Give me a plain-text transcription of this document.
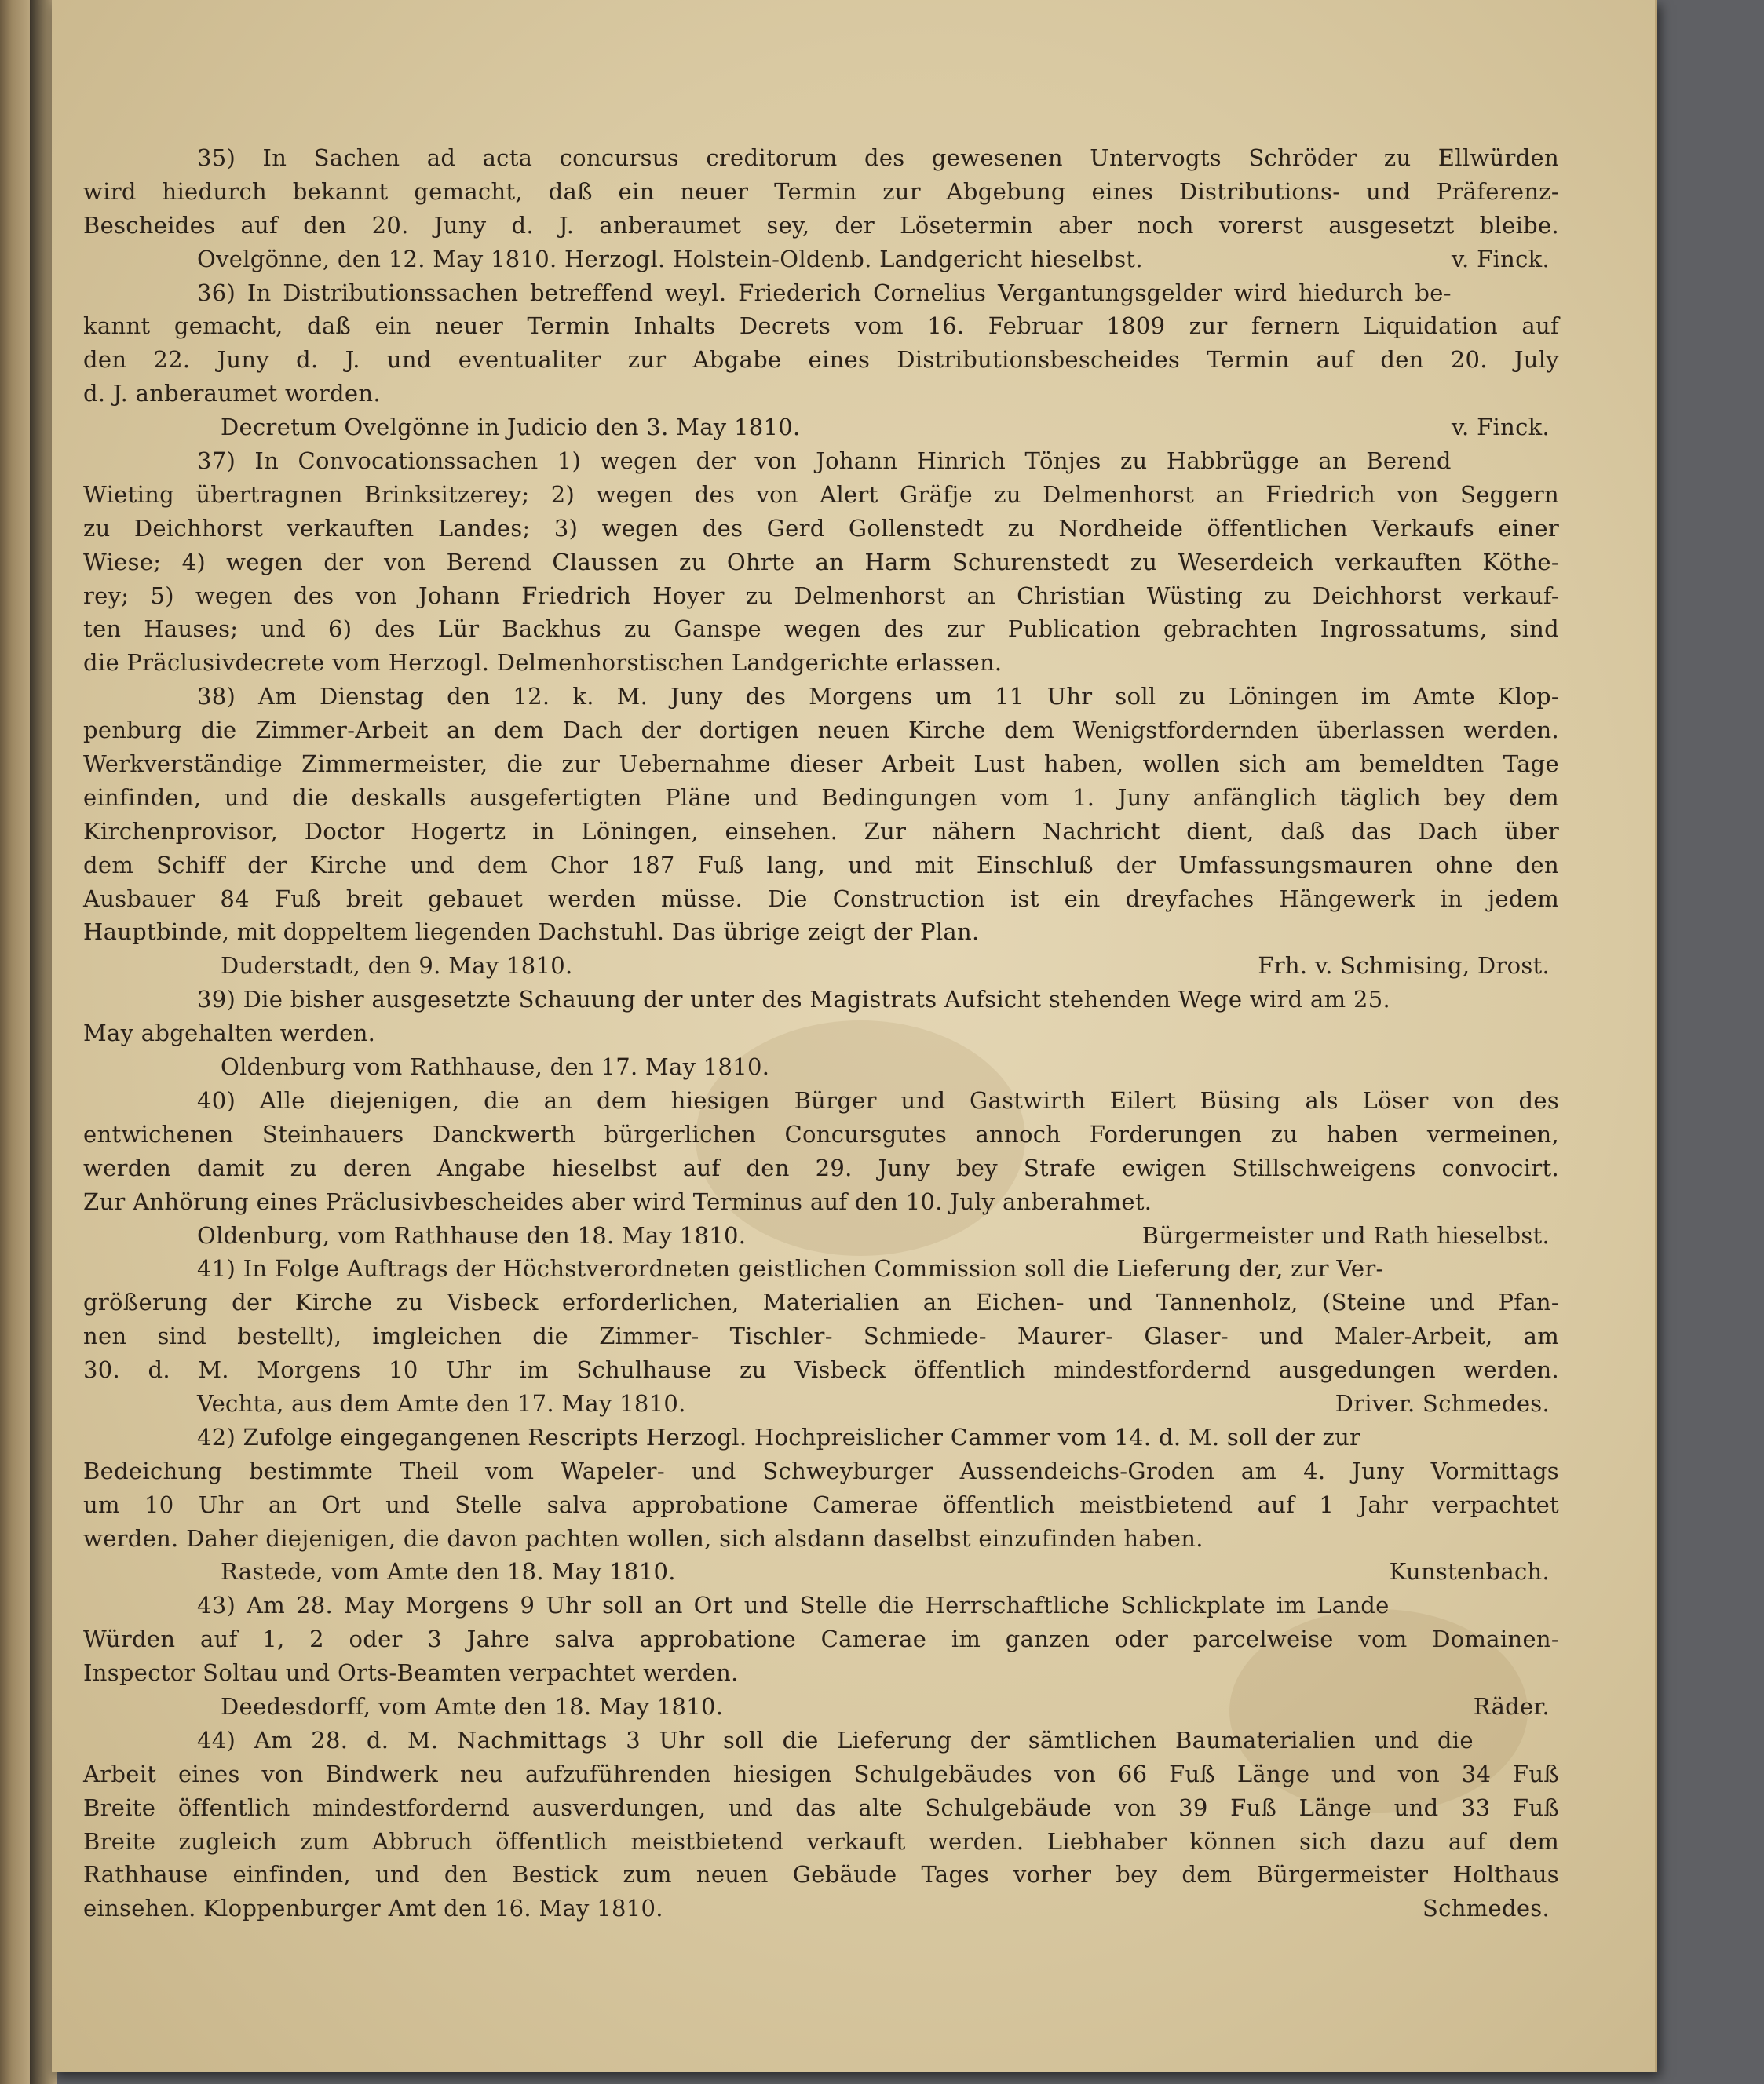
35) In Sachen ad acta concursus creditorum des gewesenen Untervogts Schröder zu Ellwürden
wird hiedurch bekannt gemacht, daß ein neuer Termin zur Abgebung eines Distributions- und Präferenz-
Bescheides auf den 20. Juny d. J. anberaumet sey, der Lösetermin aber noch vorerst ausgesetzt bleibe.
v. Finck.
Ovelgönne, den 12. May 1810. Herzogl. Holstein-Oldenb. Landgericht hieselbst.
36) In Distributionssachen betreffend weyl. Friederich Cornelius Vergantungsgelder wird hiedurch be-
kannt gemacht, daß ein neuer Termin Inhalts Decrets vom 16. Februar 1809 zur fernern Liquidation auf
den 22. Juny d. J. und eventualiter zur Abgabe eines Distributionsbescheides Termin auf den 20. July
d. J. anberaumet worden.
v. Finck.
Decretum Ovelgönne in Judicio den 3. May 1810.
37) In Convocationssachen 1) wegen der von Johann Hinrich Tönjes zu Habbrügge an Berend
Wieting übertragnen Brinksitzerey; 2) wegen des von Alert Gräfje zu Delmenhorst an Friedrich von Seggern
zu Deichhorst verkauften Landes; 3) wegen des Gerd Gollenstedt zu Nordheide öffentlichen Verkaufs einer
Wiese; 4) wegen der von Berend Claussen zu Ohrte an Harm Schurenstedt zu Weserdeich verkauften Köthe-
rey; 5) wegen des von Johann Friedrich Hoyer zu Delmenhorst an Christian Wüsting zu Deichhorst verkauf-
ten Hauses; und 6) des Lür Backhus zu Ganspe wegen des zur Publication gebrachten Ingrossatums, sind
die Präclusivdecrete vom Herzogl. Delmenhorstischen Landgerichte erlassen.
38) Am Dienstag den 12. k. M. Juny des Morgens um 11 Uhr soll zu Löningen im Amte Klop-
penburg die Zimmer-Arbeit an dem Dach der dortigen neuen Kirche dem Wenigstfordernden überlassen werden.
Werkverständige Zimmermeister, die zur Uebernahme dieser Arbeit Lust haben, wollen sich am bemeldten Tage
einfinden, und die deskalls ausgefertigten Pläne und Bedingungen vom 1. Juny anfänglich täglich bey dem
Kirchenprovisor, Doctor Hogertz in Löningen, einsehen. Zur nähern Nachricht dient, daß das Dach über
dem Schiff der Kirche und dem Chor 187 Fuß lang, und mit Einschluß der Umfassungsmauren ohne den
Ausbauer 84 Fuß breit gebauet werden müsse. Die Construction ist ein dreyfaches Hängewerk in jedem
Hauptbinde, mit doppeltem liegenden Dachstuhl. Das übrige zeigt der Plan.
Frh. v. Schmising, Drost.
Duderstadt, den 9. May 1810.
39) Die bisher ausgesetzte Schauung der unter des Magistrats Aufsicht stehenden Wege wird am 25.
May abgehalten werden.
Oldenburg vom Rathhause, den 17. May 1810.
40) Alle diejenigen, die an dem hiesigen Bürger und Gastwirth Eilert Büsing als Löser von des
entwichenen Steinhauers Danckwerth bürgerlichen Concursgutes annoch Forderungen zu haben vermeinen,
werden damit zu deren Angabe hieselbst auf den 29. Juny bey Strafe ewigen Stillschweigens convocirt.
Zur Anhörung eines Präclusivbescheides aber wird Terminus auf den 10. July anberahmet.
Bürgermeister und Rath hieselbst.
Oldenburg, vom Rathhause den 18. May 1810.
41) In Folge Auftrags der Höchstverordneten geistlichen Commission soll die Lieferung der, zur Ver-
größerung der Kirche zu Visbeck erforderlichen, Materialien an Eichen- und Tannenholz, (Steine und Pfan-
nen sind bestellt), imgleichen die Zimmer- Tischler- Schmiede- Maurer- Glaser- und Maler-Arbeit, am
30. d. M. Morgens 10 Uhr im Schulhause zu Visbeck öffentlich mindestfordernd ausgedungen werden.
Driver. Schmedes.
Vechta, aus dem Amte den 17. May 1810.
42) Zufolge eingegangenen Rescripts Herzogl. Hochpreislicher Cammer vom 14. d. M. soll der zur
Bedeichung bestimmte Theil vom Wapeler- und Schweyburger Aussendeichs-Groden am 4. Juny Vormittags
um 10 Uhr an Ort und Stelle salva approbatione Camerae öffentlich meistbietend auf 1 Jahr verpachtet
werden. Daher diejenigen, die davon pachten wollen, sich alsdann daselbst einzufinden haben.
Kunstenbach.
Rastede, vom Amte den 18. May 1810.
43) Am 28. May Morgens 9 Uhr soll an Ort und Stelle die Herrschaftliche Schlickplate im Lande
Würden auf 1, 2 oder 3 Jahre salva approbatione Camerae im ganzen oder parcelweise vom Domainen-
Inspector Soltau und Orts-Beamten verpachtet werden.
Räder.
Deedesdorff, vom Amte den 18. May 1810.
44) Am 28. d. M. Nachmittags 3 Uhr soll die Lieferung der sämtlichen Baumaterialien und die
Arbeit eines von Bindwerk neu aufzuführenden hiesigen Schulgebäudes von 66 Fuß Länge und von 34 Fuß
Breite öffentlich mindestfordernd ausverdungen, und das alte Schulgebäude von 39 Fuß Länge und 33 Fuß
Breite zugleich zum Abbruch öffentlich meistbietend verkauft werden. Liebhaber können sich dazu auf dem
Rathhause einfinden, und den Bestick zum neuen Gebäude Tages vorher bey dem Bürgermeister Holthaus
Schmedes.
einsehen. Kloppenburger Amt den 16. May 1810.
